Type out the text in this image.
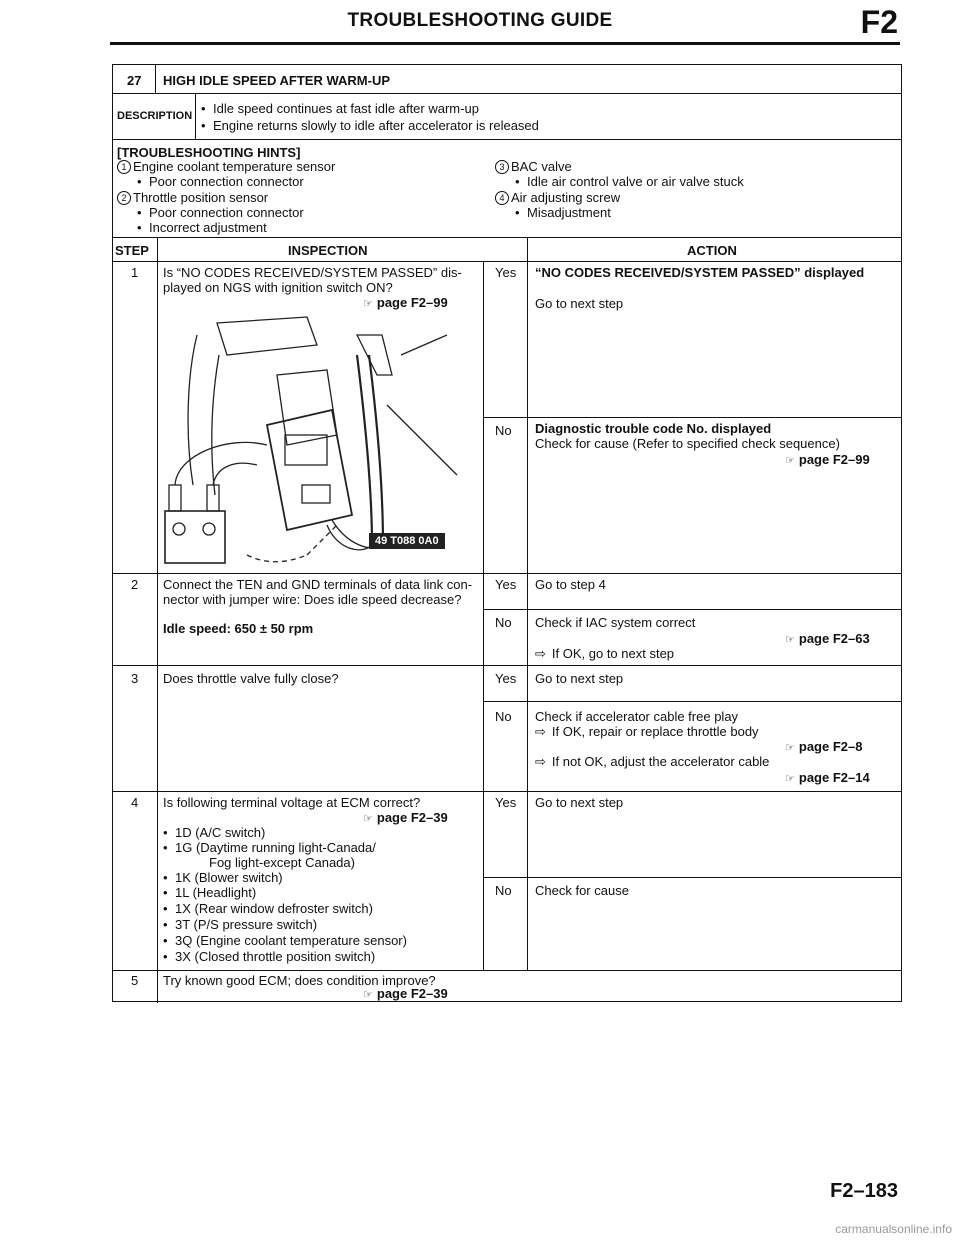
TROUBLESHOOTING GUIDE	F2
27 HIGH IDLE SPEED AFTER WARM-UP
DESCRIPTION
•	Idle speed continues at fast idle after warm-up
• Engine returns slowly to idle after accelerator is released
[TROUBLESHOOTING HINTS]
1 Engine coolant temperature sensor
• Poor connection connector
2 Throttle position sensor
• Poor connection connector
• Incorrect adjustment
3 BAC valve
• Idle air control valve or air valve stuck
4 Air adjusting screw
• Misadjustment
STEP	INSPECTION	ACTION
1 Is “NO CODES RECEIVED/SYSTEM PASSED” dis-
played on NGS with ignition switch ON?
☞ page F2–99
49 T088 0A0
Yes “NO CODES RECEIVED/SYSTEM PASSED” displayed
Go to next step
No Diagnostic trouble code No. displayed
Check for cause (Refer to specified check sequence)
☞ page F2–99
2 Connect the TEN and GND terminals of data link con-
nector with jumper wire: Does idle speed decrease?
Idle speed: 650 ± 50 rpm
Yes Go to step 4
No Check if IAC system correct
☞ page F2–63
⇨ If OK, go to next step
3 Does throttle valve fully close?	Yes Go to next step
No Check if accelerator cable free play
⇨ If OK, repair or replace throttle body
☞ page F2–8
⇨ If not OK, adjust the accelerator cable
☞ page F2–14
4 Is following terminal voltage at ECM correct?
☞ page F2–39
• 1D (A/C switch)
• 1G (Daytime running light-Canada/
Fog light-except Canada)
• 1K (Blower switch)
• 1L (Headlight)
• 1X (Rear window defroster switch)
• 3T (P/S pressure switch)
• 3Q (Engine coolant temperature sensor)
• 3X (Closed throttle position switch)
Yes Go to next step
No Check for cause
5 Try known good ECM; does condition improve?
☞ page F2–39
F2–183
carmanualsonline.info
